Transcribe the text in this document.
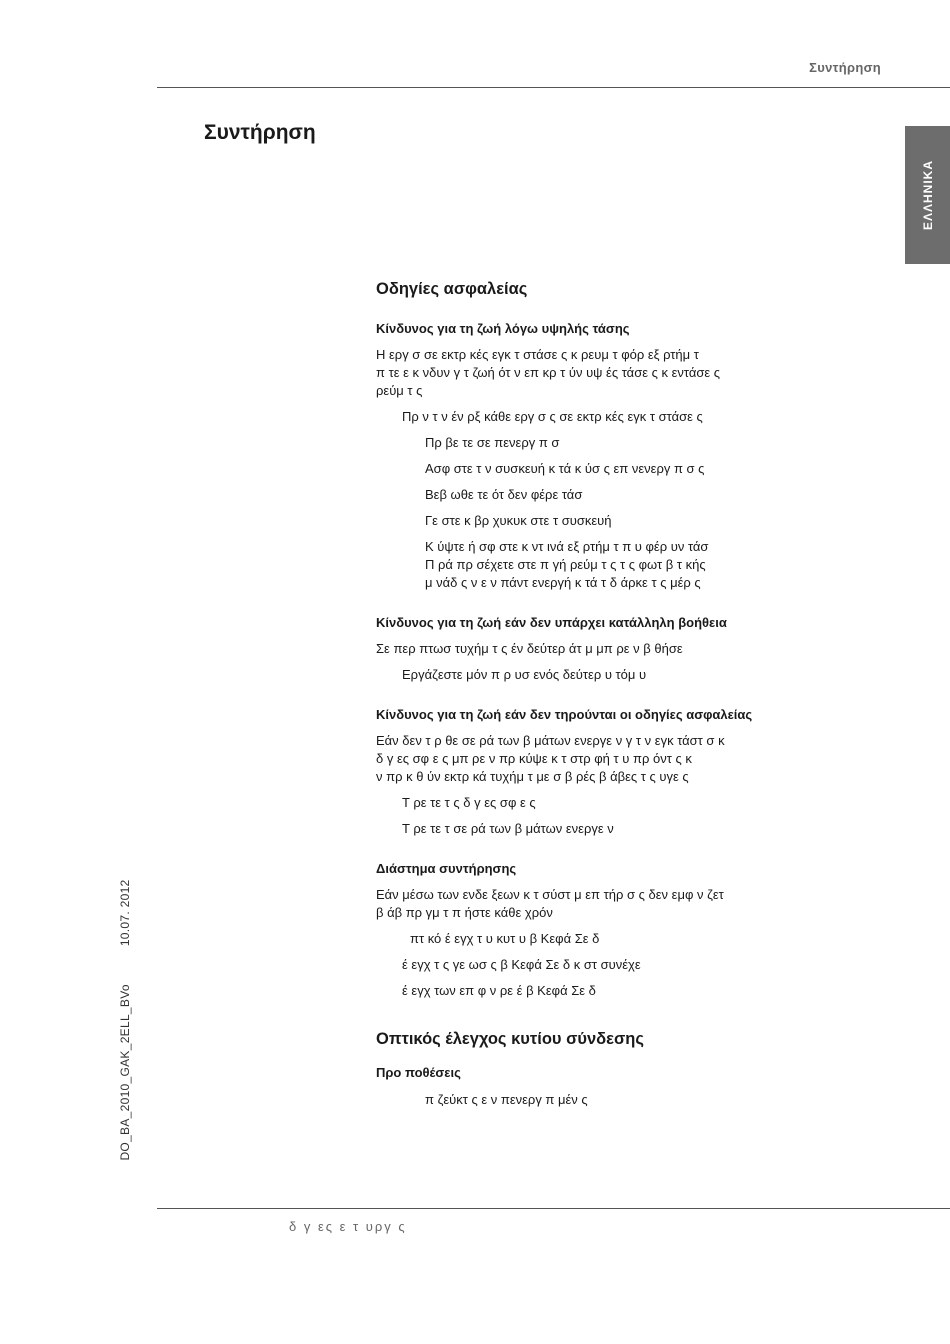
Συντήρηση
Συντήρηση
ΕΛΛΗΝΙΚΑ
Οδηγίες ασφαλείας
Κίνδυνος για τη ζωή λόγω υψηλής τάσης
Η εργ σ σε εκτρ κές εγκ τ στάσε ς κ ρευμ τ φόρ εξ ρτήμ τ
π τε ε κ νδυν γ τ ζωή ότ ν επ κρ τ ύν υψ ές τάσε ς κ εντάσε ς
ρεύμ τ ς
Πρ ν τ ν έν ρξ κάθε εργ σ ς σε εκτρ κές εγκ τ στάσε ς
Πρ βε τε σε πενεργ π σ
Ασφ στε τ ν συσκευή κ τά κ ύσ ς επ νενεργ π σ ς
Βεβ ωθε τε ότ δεν φέρε τάσ
Γε στε κ βρ χυκυκ στε τ συσκευή
Κ ύψτε ή σφ στε κ ντ ινά εξ ρτήμ τ π υ φέρ υν τάσ
Π ρά πρ σέχετε στε π γή ρεύμ τ ς τ ς φωτ β τ κής
μ νάδ ς ν ε ν πάντ ενεργή κ τά τ δ άρκε τ ς μέρ ς
Κίνδυνος για τη ζωή εάν δεν υπάρχει κατάλληλη βοήθεια
Σε περ πτωσ τυχήμ τ ς έν δεύτερ άτ μ μπ ρε ν β θήσε
Εργάζεστε μόν π ρ υσ ενός δεύτερ υ τόμ υ
Κίνδυνος για τη ζωή εάν δεν τηρούνται οι οδηγίες ασφαλείας
Εάν δεν τ ρ θε σε ρά των β μάτων ενεργε ν γ τ ν εγκ τάστ σ κ
δ γ ες σφ ε ς μπ ρε ν πρ κύψε κ τ στρ φή τ υ πρ όντ ς κ
ν πρ κ θ ύν εκτρ κά τυχήμ τ με σ β ρές β άβες τ ς υγε ς
Τ ρε τε τ ς δ γ ες σφ ε ς
Τ ρε τε τ σε ρά των β μάτων ενεργε ν
Διάστημα συντήρησης
Εάν μέσω των ενδε ξεων κ τ σύστ μ επ τήρ σ ς δεν εμφ ν ζετ
β άβ πρ γμ τ π ήστε κάθε χρόν
πτ κό έ εγχ τ υ κυτ υ β Κεφά Σε δ
έ εγχ τ ς γε ωσ ς β Κεφά Σε δ κ στ συνέχε
έ εγχ των επ φ ν ρε έ β Κεφά Σε δ
Οπτικός έλεγχος κυτίου σύνδεσης
Προ ποθέσεις
π ζεύκτ ς ε ν πενεργ π μέν ς
DO_BA_2010_GAK_2ELL_BVo10.07. 2012
δ γ ες ε τ υργ ς
